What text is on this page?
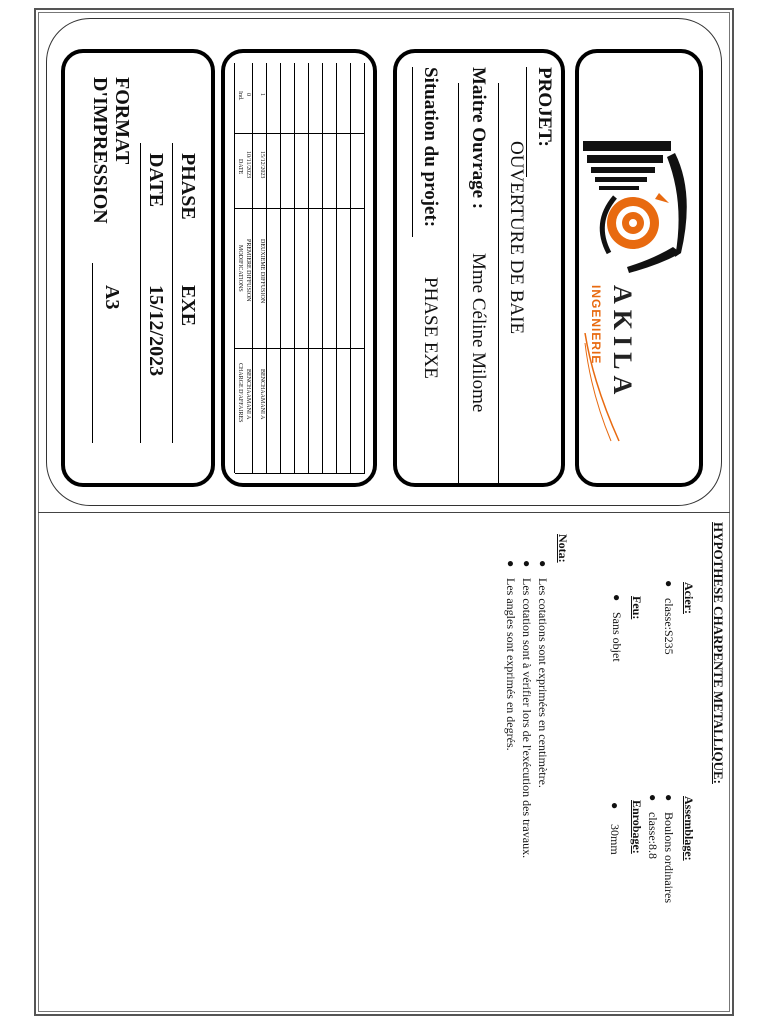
AKILA
INGENIERIE
PROJET:
OUVERTURE DE BAIE
Maitre Ouvrage :
Mme Céline Milome
Situation du projet:
PHASE EXE
1
15/12/2023
DEUXIEME DIFFUSION
BENCHAAMANI A
0
10/11/2023
PREMIERE DIFFUSION
BENCHAAMANI A
Ind.
DATE
MODIFICATIONS
CHARGE D'AFFAIRES
PHASE
EXE
DATE
15/12/2023
FORMAT
D'IMPRESSION
A3
HYPOTHESE CHARPENTE METALLIQUE:
Acier:
●
classe:S235
Assemblage:
●
Boulons ordinaires
●
classe:8.8
Feu:
●
Sans objet
Enrobage:
●
30mm
Nota:
●
Les cotations sont exprimées en centimètre.
●
Les cotation sont à vérifier lors de l'exécution des travaux.
●
Les angles sont exprimés en degrés.
